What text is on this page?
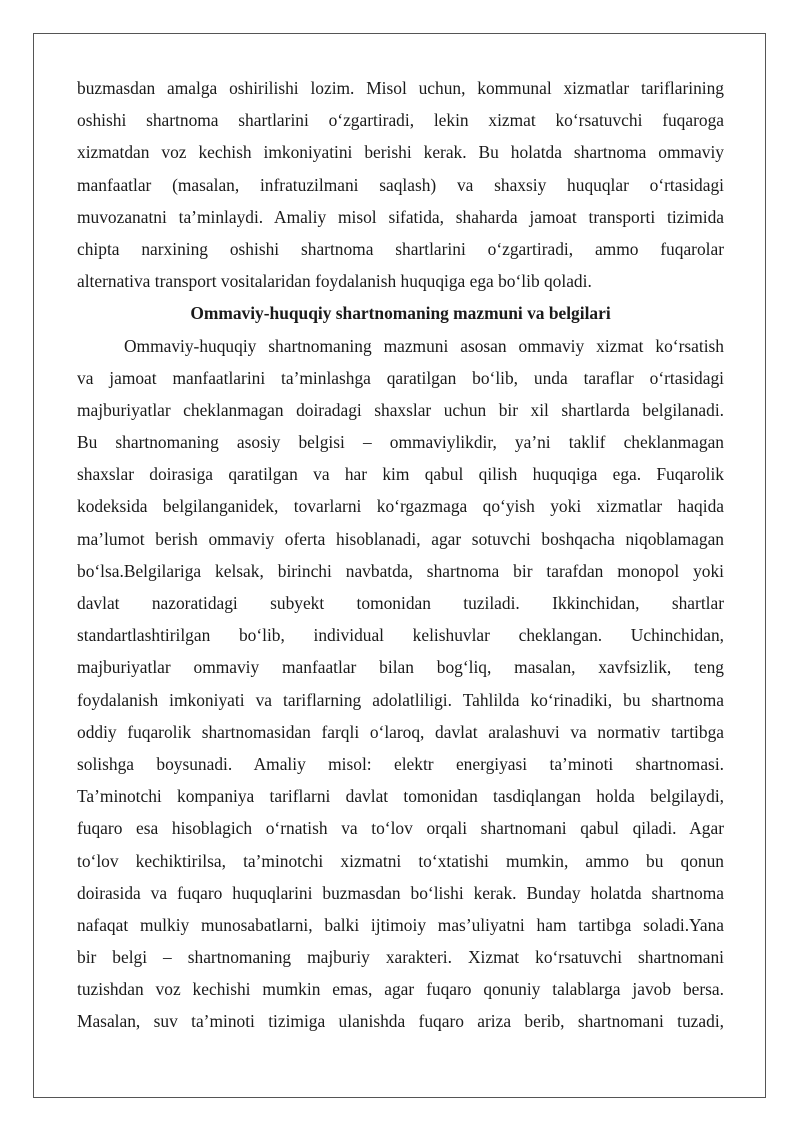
buzmasdan amalga oshirilishi lozim. Misol uchun, kommunal xizmatlar tariflarining
oshishi shartnoma shartlarini o‘zgartiradi, lekin xizmat ko‘rsatuvchi fuqaroga
xizmatdan voz kechish imkoniyatini berishi kerak. Bu holatda shartnoma ommaviy
manfaatlar (masalan, infratuzilmani saqlash) va shaxsiy huquqlar o‘rtasidagi
muvozanatni ta’minlaydi. Amaliy misol sifatida, shaharda jamoat transporti tizimida
chipta narxining oshishi shartnoma shartlarini o‘zgartiradi, ammo fuqarolar
alternativa transport vositalaridan foydalanish huquqiga ega bo‘lib qoladi.
Ommaviy-huquqiy shartnomaning mazmuni va belgilari
Ommaviy-huquqiy shartnomaning mazmuni asosan ommaviy xizmat ko‘rsatish
va jamoat manfaatlarini ta’minlashga qaratilgan bo‘lib, unda taraflar o‘rtasidagi
majburiyatlar cheklanmagan doiradagi shaxslar uchun bir xil shartlarda belgilanadi.
Bu shartnomaning asosiy belgisi – ommaviylikdir, ya’ni taklif cheklanmagan
shaxslar doirasiga qaratilgan va har kim qabul qilish huquqiga ega. Fuqarolik
kodeksida belgilanganidek, tovarlarni ko‘rgazmaga qo‘yish yoki xizmatlar haqida
ma’lumot berish ommaviy oferta hisoblanadi, agar sotuvchi boshqacha niqoblamagan
bo‘lsa.Belgilariga kelsak, birinchi navbatda, shartnoma bir tarafdan monopol yoki
davlat nazoratidagi subyekt tomonidan tuziladi. Ikkinchidan, shartlar
standartlashtirilgan bo‘lib, individual kelishuvlar cheklangan. Uchinchidan,
majburiyatlar ommaviy manfaatlar bilan bog‘liq, masalan, xavfsizlik, teng
foydalanish imkoniyati va tariflarning adolatliligi. Tahlilda ko‘rinadiki, bu shartnoma
oddiy fuqarolik shartnomasidan farqli o‘laroq, davlat aralashuvi va normativ tartibga
solishga boysunadi. Amaliy misol: elektr energiyasi ta’minoti shartnomasi.
Ta’minotchi kompaniya tariflarni davlat tomonidan tasdiqlangan holda belgilaydi,
fuqaro esa hisoblagich o‘rnatish va to‘lov orqali shartnomani qabul qiladi. Agar
to‘lov kechiktirilsa, ta’minotchi xizmatni to‘xtatishi mumkin, ammo bu qonun
doirasida va fuqaro huquqlarini buzmasdan bo‘lishi kerak. Bunday holatda shartnoma
nafaqat mulkiy munosabatlarni, balki ijtimoiy mas’uliyatni ham tartibga soladi.Yana
bir belgi – shartnomaning majburiy xarakteri. Xizmat ko‘rsatuvchi shartnomani
tuzishdan voz kechishi mumkin emas, agar fuqaro qonuniy talablarga javob bersa.
Masalan, suv ta’minoti tizimiga ulanishda fuqaro ariza berib, shartnomani tuzadi,
